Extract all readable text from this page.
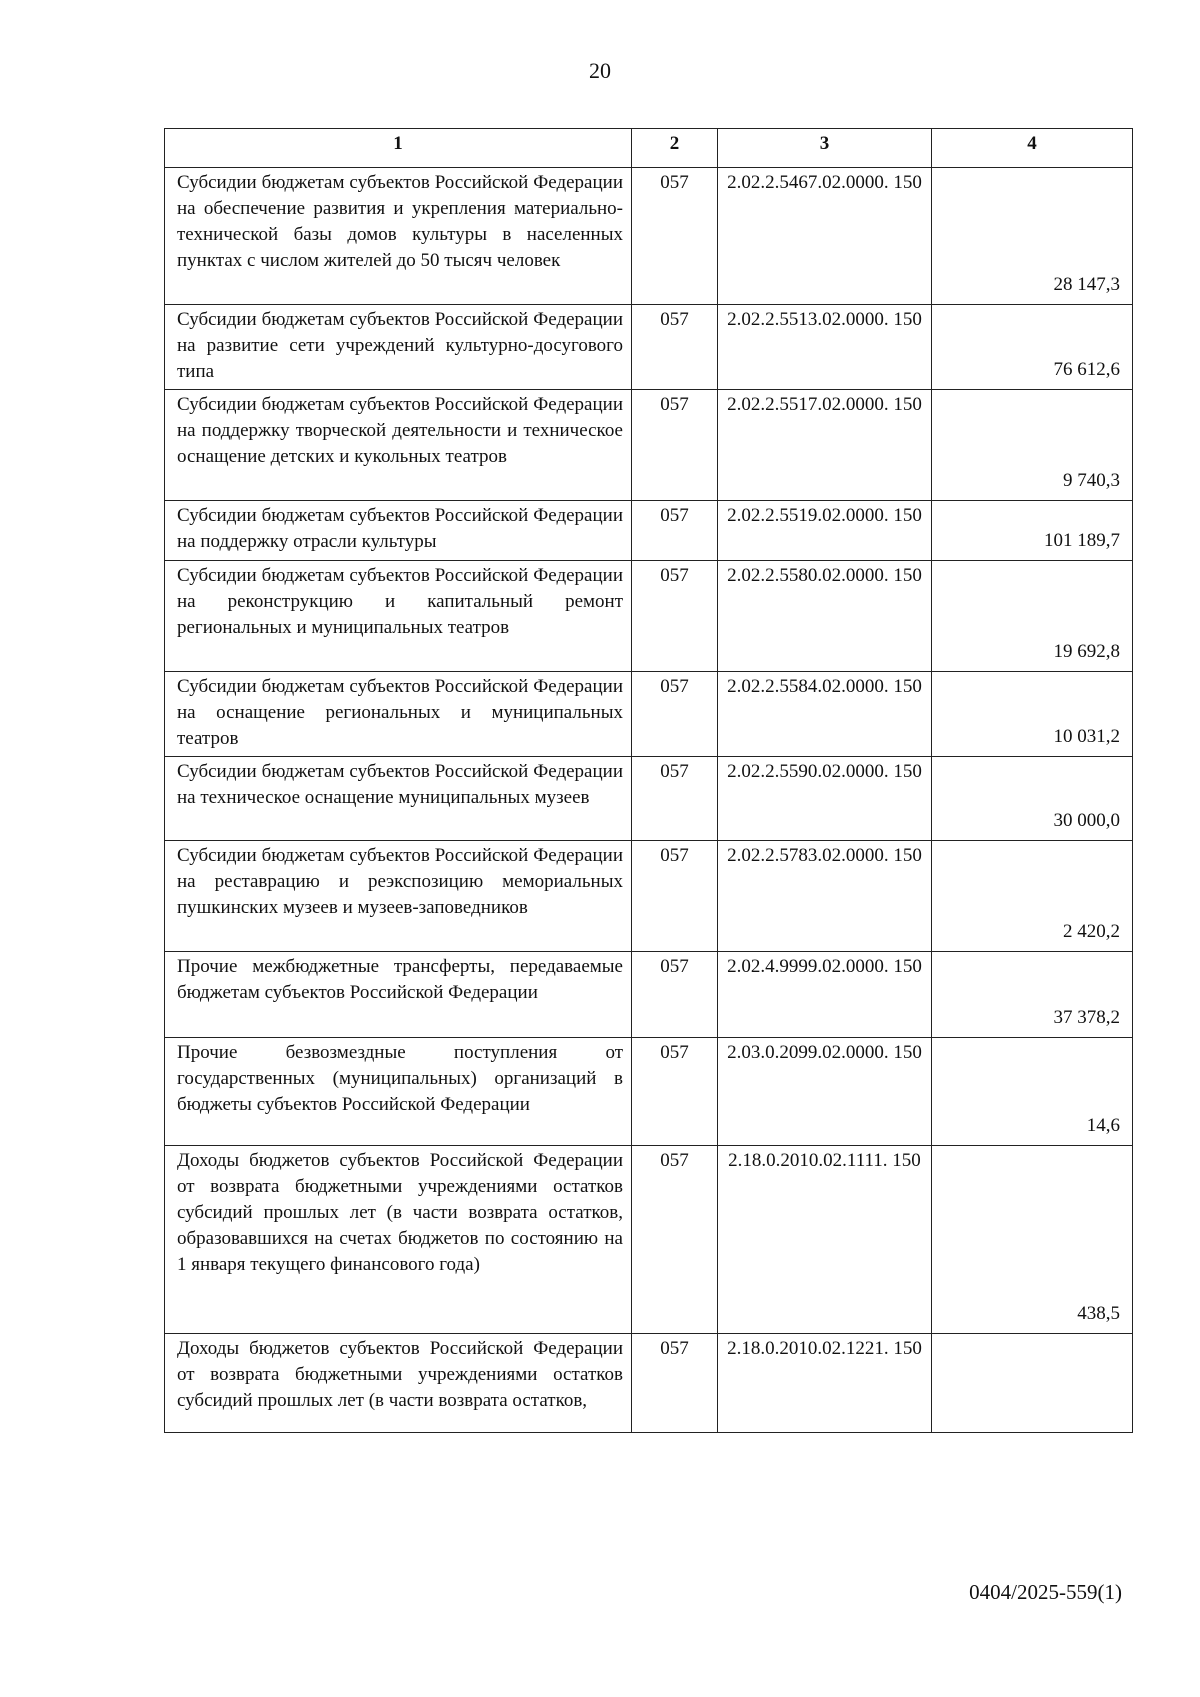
20
1	2	3	4
Субсидии бюджетам субъектов Российской Федерации на обеспечение развития и укрепления материально-технической базы домов культуры в населенных пунктах с числом жителей до 50 тысяч человек	057	2.02.2.5467.02.0000. 150	28 147,3
Субсидии бюджетам субъектов Российской Федерации на развитие сети учреждений культурно-досугового типа	057	2.02.2.5513.02.0000. 150	76 612,6
Субсидии бюджетам субъектов Российской Федерации на поддержку творческой деятельности и техническое оснащение детских и кукольных театров	057	2.02.2.5517.02.0000. 150	9 740,3
Субсидии бюджетам субъектов Российской Федерации на поддержку отрасли культуры	057	2.02.2.5519.02.0000. 150	101 189,7
Субсидии бюджетам субъектов Российской Федерации на реконструкцию и капитальный ремонт региональных и муниципальных театров	057	2.02.2.5580.02.0000. 150	19 692,8
Субсидии бюджетам субъектов Российской Федерации на оснащение региональных и муниципальных театров	057	2.02.2.5584.02.0000. 150	10 031,2
Субсидии бюджетам субъектов Российской Федерации на техническое оснащение муниципальных музеев	057	2.02.2.5590.02.0000. 150	30 000,0
Субсидии бюджетам субъектов Российской Федерации на реставрацию и реэкспозицию мемориальных пушкинских музеев и музеев-заповедников	057	2.02.2.5783.02.0000. 150	2 420,2
Прочие межбюджетные трансферты, передаваемые бюджетам субъектов Российской Федерации	057	2.02.4.9999.02.0000. 150	37 378,2
Прочие безвозмездные поступления от государственных (муниципальных) организаций в бюджеты субъектов Российской Федерации	057	2.03.0.2099.02.0000. 150	14,6
Доходы бюджетов субъектов Российской Федерации от возврата бюджетными учреждениями остатков субсидий прошлых лет (в части возврата остатков, образовавшихся на счетах бюджетов по состоянию на 1 января текущего финансового года)	057	2.18.0.2010.02.1111. 150	438,5
Доходы бюджетов субъектов Российской Федерации от возврата бюджетными учреждениями остатков субсидий прошлых лет (в части возврата остатков,	057	2.18.0.2010.02.1221. 150	
0404/2025-559(1)
